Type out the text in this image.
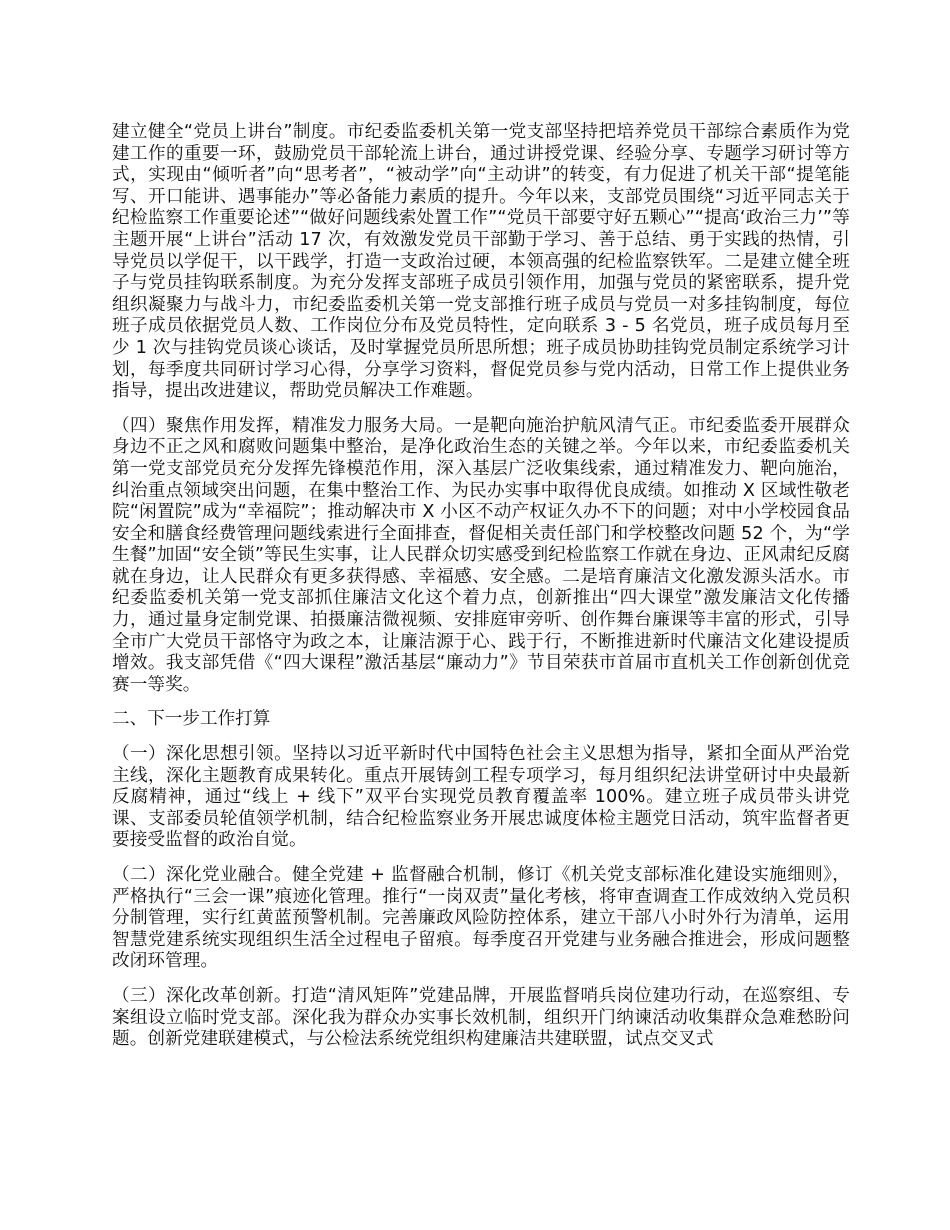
建立健全“党员上讲台”制度。市纪委监委机关第一党支部坚持把培养党员干部综合素质作为党建工作的重要一环，鼓励党员干部轮流上讲台，通过讲授党课、经验分享、专题学习研讨等方式，实现由“倾听者”向“思考者”，“被动学”向“主动讲”的转变，有力促进了机关干部“提笔能写、开口能讲、遇事能办”等必备能力素质的提升。今年以来，支部党员围绕“习近平同志关于纪检监察工作重要论述”“做好问题线索处置工作”“党员干部要守好五颗心”“提高‘政治三力’”等主题开展“上讲台”活动 17 次，有效激发党员干部勤于学习、善于总结、勇于实践的热情，引导党员以学促干，以干践学，打造一支政治过硬，本领高强的纪检监察铁军。二是建立健全班子与党员挂钩联系制度。为充分发挥支部班子成员引领作用，加强与党员的紧密联系，提升党组织凝聚力与战斗力，市纪委监委机关第一党支部推行班子成员与党员一对多挂钩制度，每位班子成员依据党员人数、工作岗位分布及党员特性，定向联系 3 - 5 名党员，班子成员每月至少 1 次与挂钩党员谈心谈话，及时掌握党员所思所想；班子成员协助挂钩党员制定系统学习计划，每季度共同研讨学习心得，分享学习资料，督促党员参与党内活动，日常工作上提供业务指导，提出改进建议，帮助党员解决工作难题。

（四）聚焦作用发挥，精准发力服务大局。一是靶向施治护航风清气正。市纪委监委开展群众身边不正之风和腐败问题集中整治，是净化政治生态的关键之举。今年以来，市纪委监委机关第一党支部党员充分发挥先锋模范作用，深入基层广泛收集线索，通过精准发力、靶向施治，纠治重点领域突出问题，在集中整治工作、为民办实事中取得优良成绩。如推动 X 区域性敬老院“闲置院”成为“幸福院”；推动解决市 X 小区不动产权证久办不下的问题；对中小学校园食品安全和膳食经费管理问题线索进行全面排查，督促相关责任部门和学校整改问题 52 个，为“学生餐”加固“安全锁”等民生实事，让人民群众切实感受到纪检监察工作就在身边、正风肃纪反腐就在身边，让人民群众有更多获得感、幸福感、安全感。二是培育廉洁文化激发源头活水。市纪委监委机关第一党支部抓住廉洁文化这个着力点，创新推出“四大课堂”激发廉洁文化传播力，通过量身定制党课、拍摄廉洁微视频、安排庭审旁听、创作舞台廉课等丰富的形式，引导全市广大党员干部恪守为政之本，让廉洁源于心、践于行，不断推进新时代廉洁文化建设提质增效。我支部凭借《“四大课程”激活基层“廉动力”》节目荣获市首届市直机关工作创新创优竞赛一等奖。

二、下一步工作打算

（一）深化思想引领。坚持以习近平新时代中国特色社会主义思想为指导，紧扣全面从严治党主线，深化主题教育成果转化。重点开展铸剑工程专项学习，每月组织纪法讲堂研讨中央最新反腐精神，通过“线上 + 线下”双平台实现党员教育覆盖率 100%。建立班子成员带头讲党课、支部委员轮值领学机制，结合纪检监察业务开展忠诚度体检主题党日活动，筑牢监督者更要接受监督的政治自觉。

（二）深化党业融合。健全党建 + 监督融合机制，修订《机关党支部标准化建设实施细则》，严格执行“三会一课”痕迹化管理。推行“一岗双责”量化考核，将审查调查工作成效纳入党员积分制管理，实行红黄蓝预警机制。完善廉政风险防控体系，建立干部八小时外行为清单，运用智慧党建系统实现组织生活全过程电子留痕。每季度召开党建与业务融合推进会，形成问题整改闭环管理。

（三）深化改革创新。打造“清风矩阵”党建品牌，开展监督哨兵岗位建功行动，在巡察组、专案组设立临时党支部。深化我为群众办实事长效机制，组织开门纳谏活动收集群众急难愁盼问题。创新党建联建模式，与公检法系统党组织构建廉洁共建联盟，试点交叉式
